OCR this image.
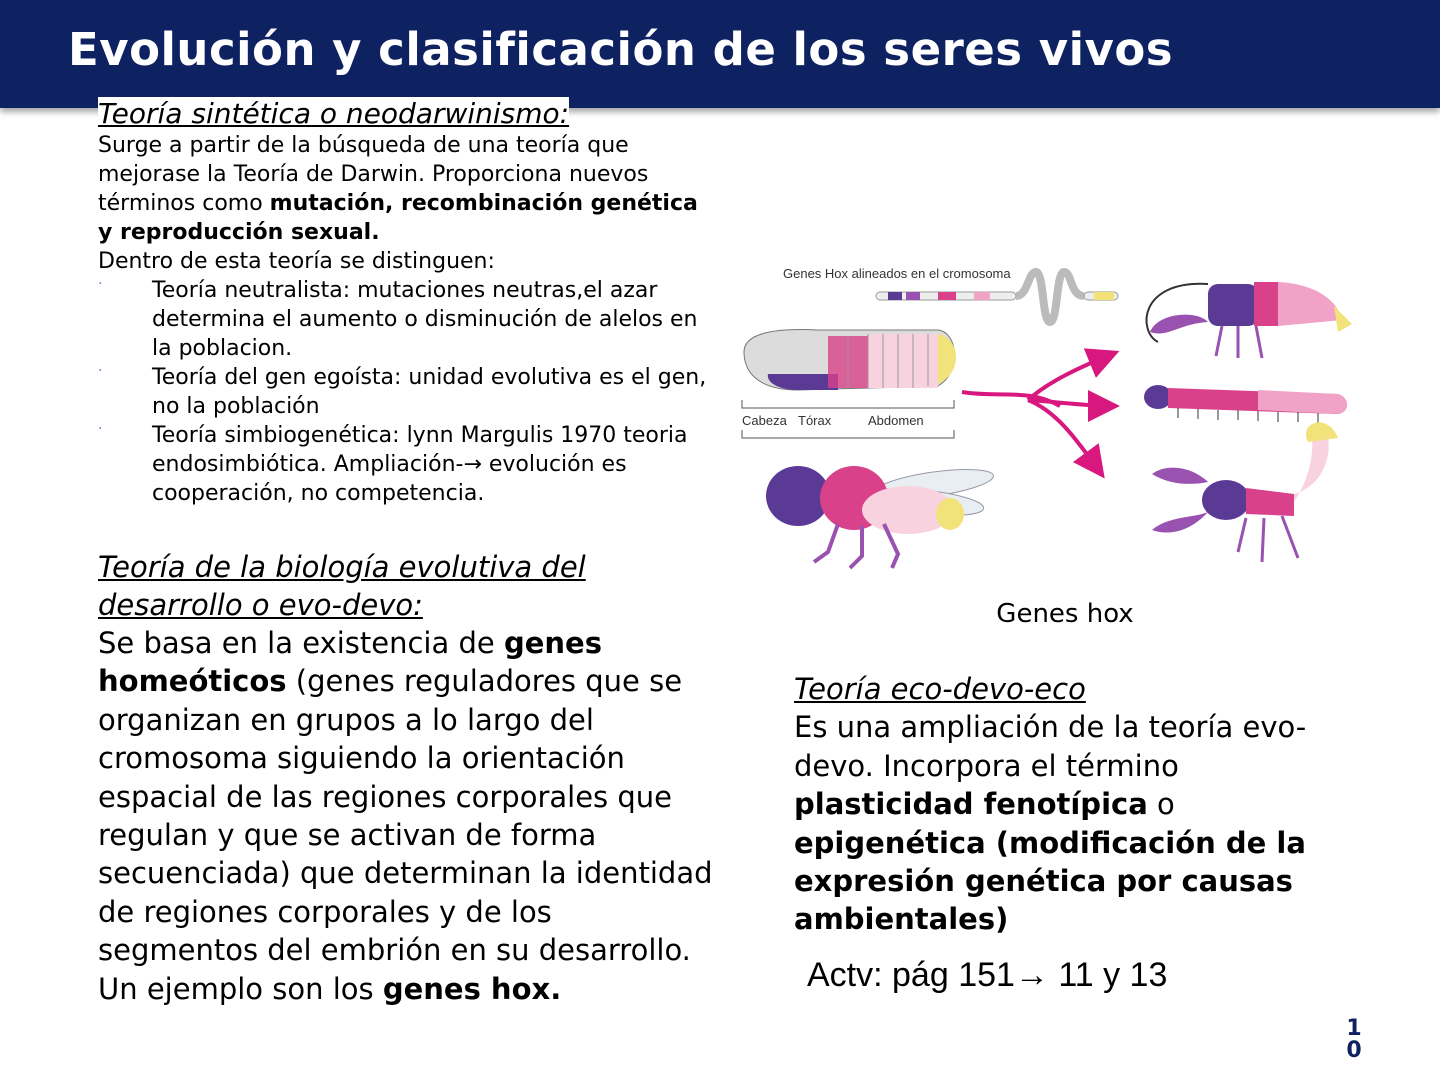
Evolución y clasificación de los seres vivos
Teoría sintética o neodarwinismo:

Surge a partir de la búsqueda de una teoría que mejorase la Teoría de Darwin. Proporciona nuevos términos como mutación, recombinación genética y reproducción sexual.

Dentro de esta teoría se distinguen:

· Teoría neutralista: mutaciones neutras,el azar determina el aumento o disminución de alelos en la poblacion.
· Teoría del gen egoísta: unidad evolutiva es el gen, no la población
· Teoría simbiogenética: lynn Margulis 1970 teoria endosimbiótica. Ampliación-→ evolución es cooperación, no competencia.
Teoría de la biología evolutiva del
desarrollo o evo-devo:

Se basa en la existencia de genes homeóticos (genes reguladores que se organizan en grupos a lo largo del cromosoma siguiendo la orientación espacial de las regiones corporales que regulan y que se activan de forma secuenciada) que determinan la identidad de regiones corporales y de los segmentos del embrión en su desarrollo. Un ejemplo son los genes hox.

Genes Hox alineados en el cromosoma
Cabeza Tórax	Abdomen
Genes hox
Teoría eco-devo-eco

Es una ampliación de la teoría evo-devo. Incorpora el término plasticidad fenotípica o epigenética (modificación de la expresión genética por causas ambientales)

Actv: pág 151→ 11 y 13
1
0
